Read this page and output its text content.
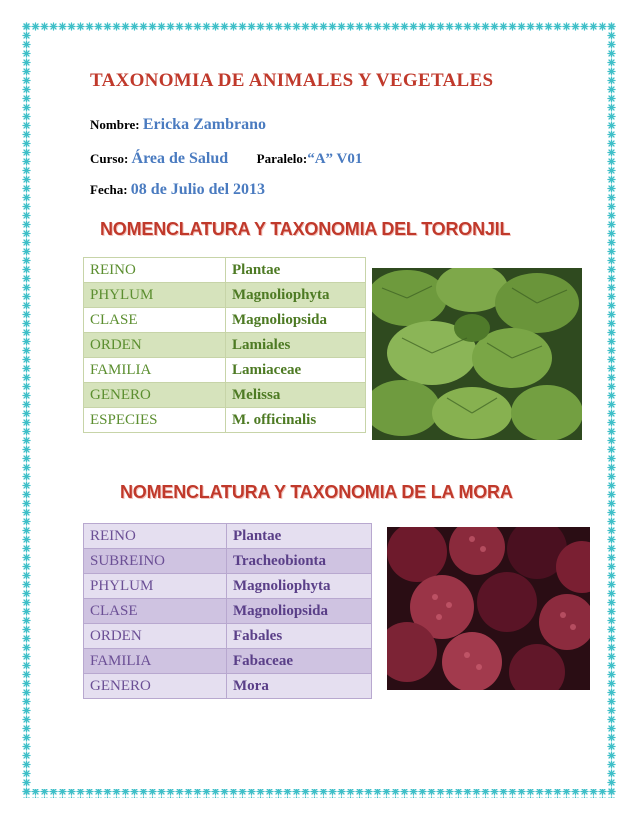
TAXONOMIA DE ANIMALES Y VEGETALES
Nombre: Ericka Zambrano
Curso: Área de Salud Paralelo:“A” V01
Fecha: 08 de Julio del 2013
NOMENCLATURA Y TAXONOMIA DEL TORONJIL
REINO	Plantae
PHYLUM	Magnoliophyta
CLASE	Magnoliopsida
ORDEN	Lamiales
FAMILIA	Lamiaceae
GENERO	Melissa
ESPECIES	M. officinalis
NOMENCLATURA Y TAXONOMIA DE LA MORA
REINO	Plantae
SUBREINO	Tracheobionta
PHYLUM	Magnoliophyta
CLASE	Magnoliopsida
ORDEN	Fabales
FAMILIA	Fabaceae
GENERO	Mora
